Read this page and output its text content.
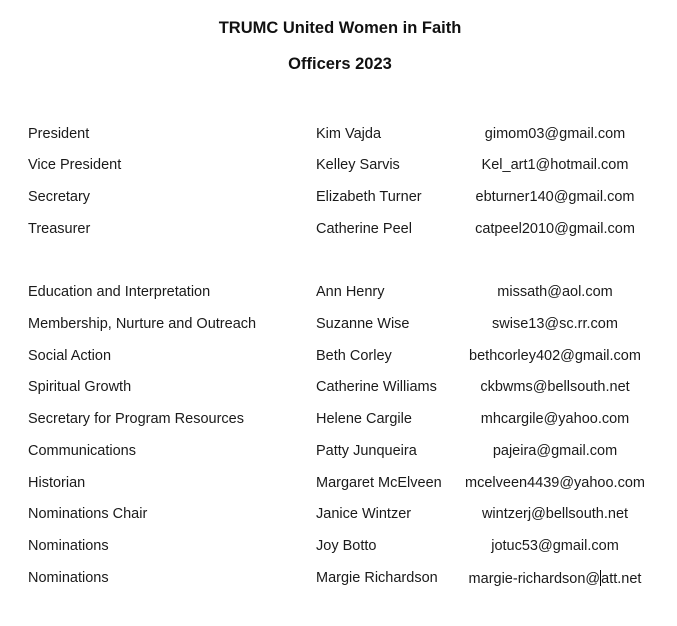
TRUMC United Women in Faith
Officers 2023
President	Kim Vajda	gimom03@gmail.com
Vice President	Kelley Sarvis	Kel_art1@hotmail.com
Secretary	Elizabeth Turner	ebturner140@gmail.com
Treasurer	Catherine Peel	catpeel2010@gmail.com
Education and Interpretation	Ann Henry	missath@aol.com
Membership, Nurture and Outreach	Suzanne Wise	swise13@sc.rr.com
Social Action	Beth Corley	bethcorley402@gmail.com
Spiritual Growth	Catherine Williams	ckbwms@bellsouth.net
Secretary for Program Resources	Helene Cargile	mhcargile@yahoo.com
Communications	Patty Junqueira	pajeira@gmail.com
Historian	Margaret McElveen	mcelveen4439@yahoo.com
Nominations Chair	Janice Wintzer	wintzerj@bellsouth.net
Nominations	Joy Botto	jotuc53@gmail.com
Nominations	Margie Richardson	margie-richardson@att.net
